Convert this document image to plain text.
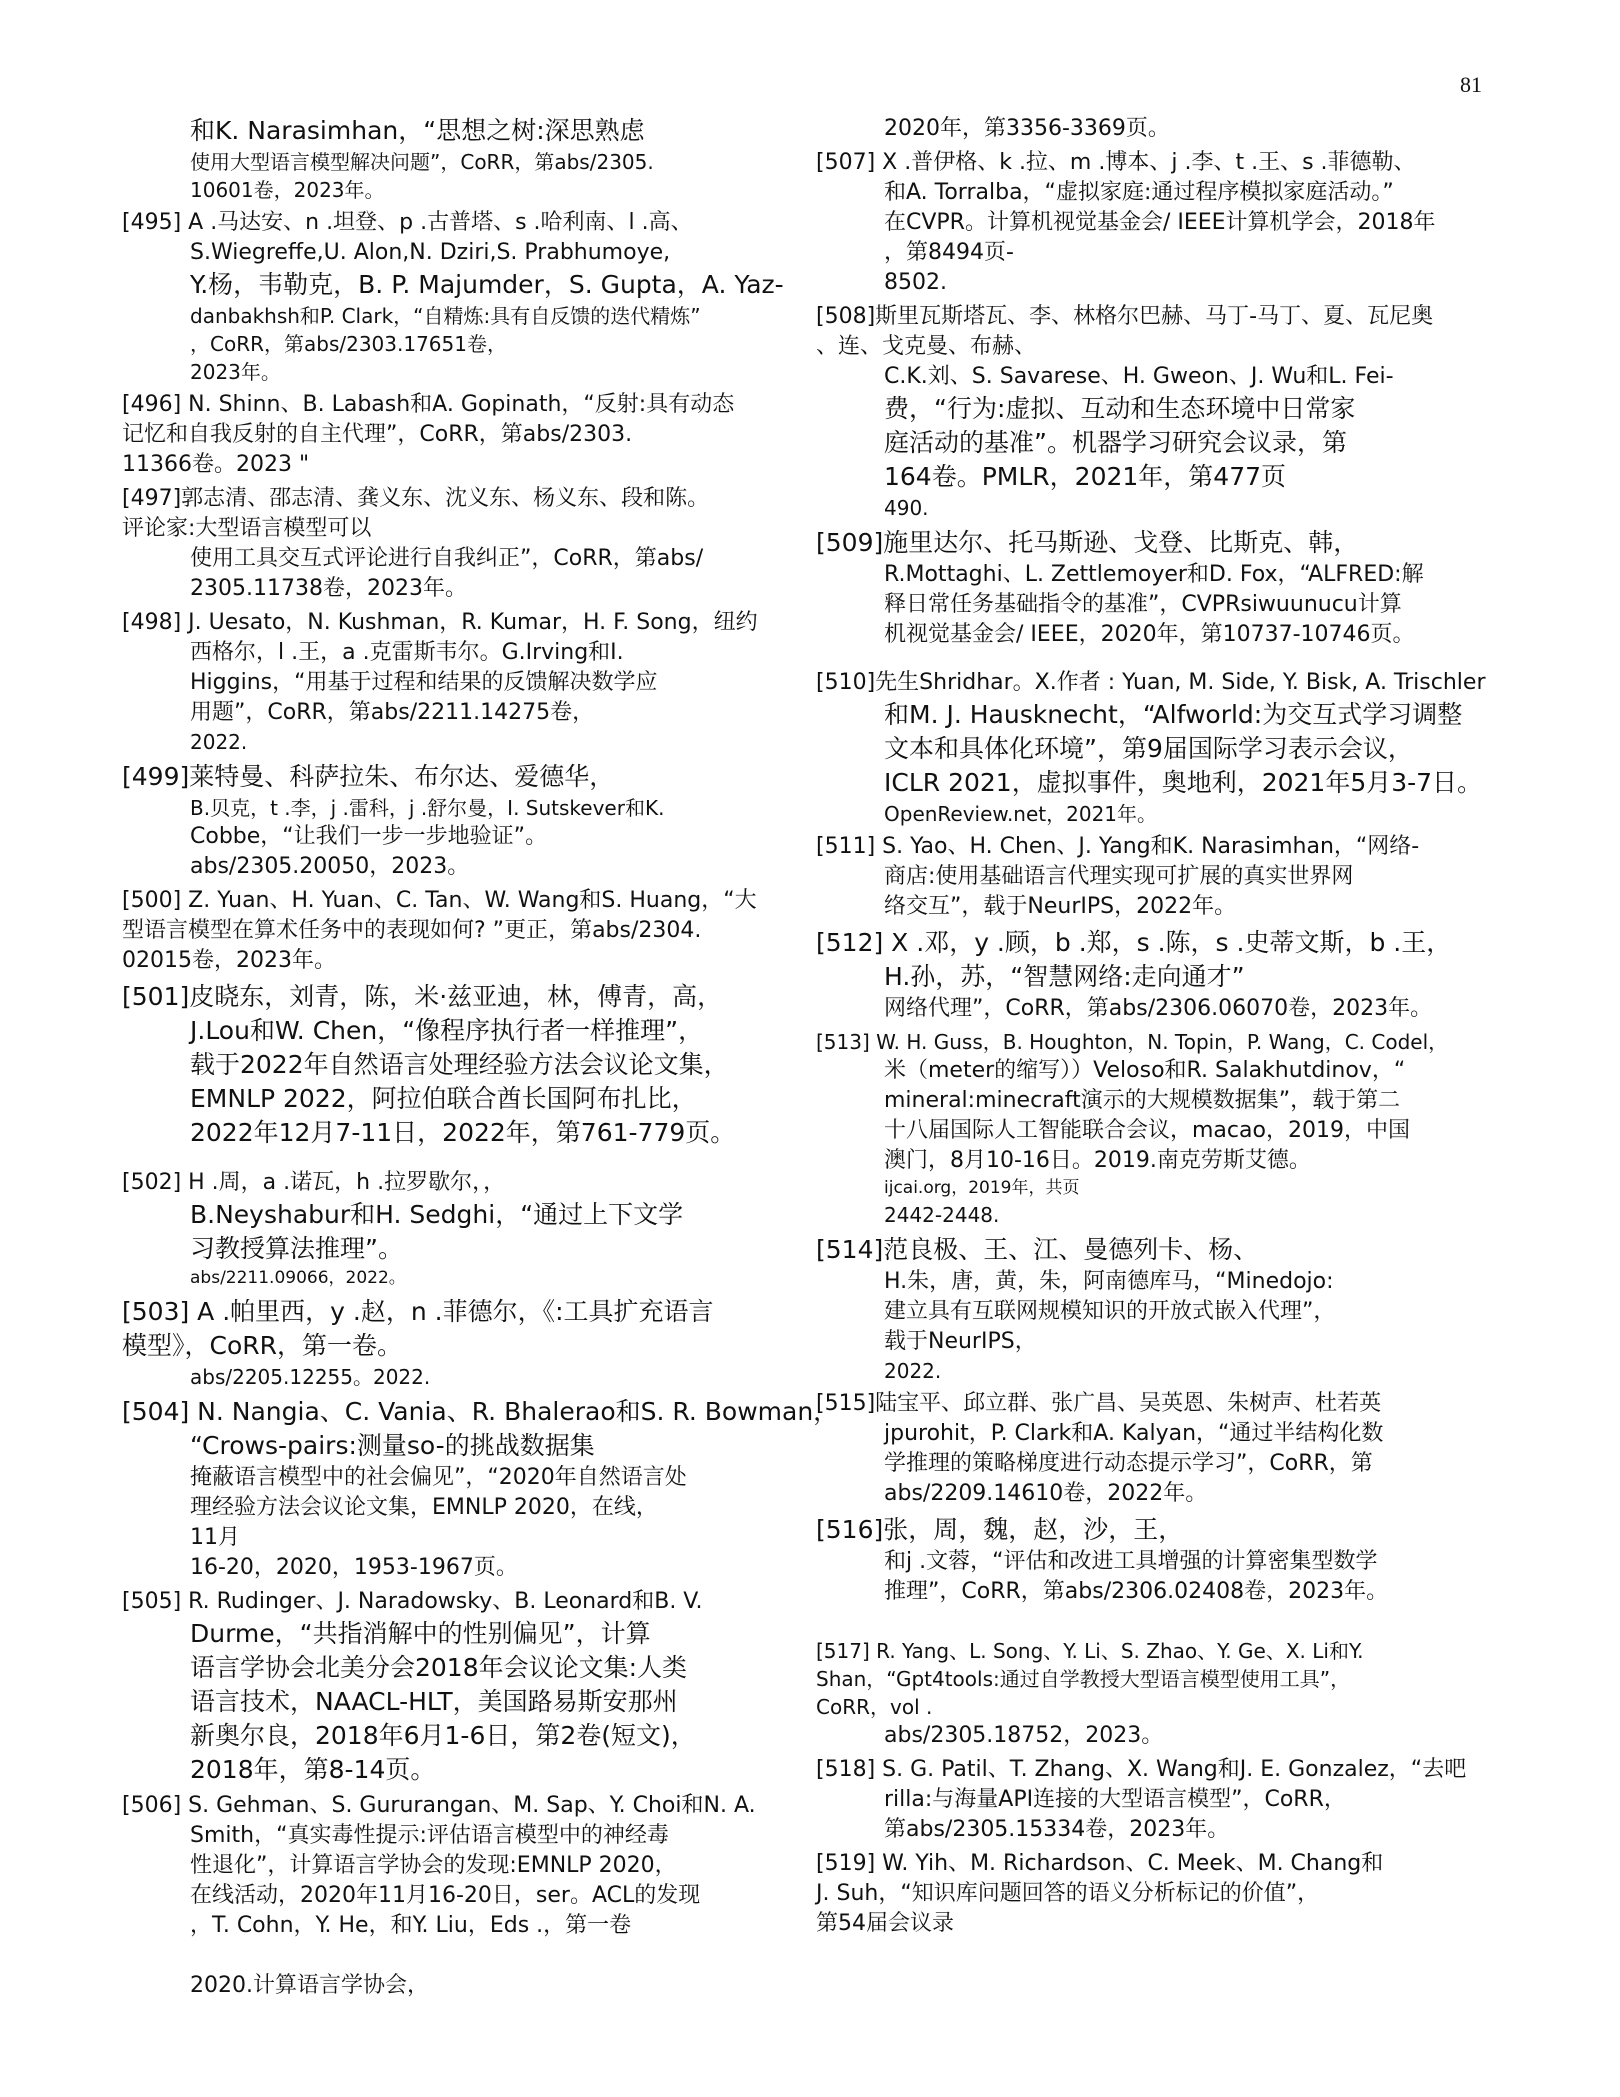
81
和K. Narasimhan，“思想之树:深思熟虑
使用大型语言模型解决问题”，CoRR，第abs/2305.
10601卷，2023年。
[495] A .马达安、n .坦登、p .古普塔、s .哈利南、l .高、
S.Wiegreffe,U. Alon,N. Dziri,S. Prabhumoye,
Y.杨，韦勒克，B. P. Majumder，S. Gupta，A. Yaz-
danbakhsh和P. Clark，“自精炼:具有自反馈的迭代精炼”
，CoRR，第abs/2303.17651卷，
2023年。
[496] N. Shinn、B. Labash和A. Gopinath，“反射:具有动态
记忆和自我反射的自主代理”，CoRR，第abs/2303.
11366卷。2023 "
[497]郭志清、邵志清、龚义东、沈义东、杨义东、段和陈。
评论家:大型语言模型可以
使用工具交互式评论进行自我纠正”，CoRR，第abs/
2305.11738卷，2023年。
[498] J. Uesato，N. Kushman，R. Kumar，H. F. Song，纽约
西格尔，l .王，a .克雷斯韦尔。G.Irving和I.
Higgins，“用基于过程和结果的反馈解决数学应
用题”，CoRR，第abs/2211.14275卷，
2022.
[499]莱特曼、科萨拉朱、布尔达、爱德华，
B.贝克，t .李，j .雷科，j .舒尔曼，I. Sutskever和K.
Cobbe，“让我们一步一步地验证”。
abs/2305.20050，2023。
[500] Z. Yuan、H. Yuan、C. Tan、W. Wang和S. Huang，“大
型语言模型在算术任务中的表现如何? ”更正，第abs/2304.
02015卷，2023年。
[501]皮晓东，刘青，陈，米·兹亚迪，林，傅青，高，
J.Lou和W. Chen，“像程序执行者一样推理”，
载于2022年自然语言处理经验方法会议论文集，
EMNLP 2022，阿拉伯联合酋长国阿布扎比，
2022年12月7-11日，2022年，第761-779页。
[502] H .周，a .诺瓦，h .拉罗歇尔，，
B.Neyshabur和H. Sedghi，“通过上下文学
习教授算法推理”。
abs/2211.09066，2022。
[503] A .帕里西，y .赵，n .菲德尔，《:工具扩充语言
模型》，CoRR，第一卷。
abs/2205.12255。2022.
[504] N. Nangia、C. Vania、R. Bhalerao和S. R. Bowman，
“Crows-pairs:测量so-的挑战数据集
掩蔽语言模型中的社会偏见”，“2020年自然语言处
理经验方法会议论文集，EMNLP 2020，在线，
11月
16-20，2020，1953-1967页。
[505] R. Rudinger、J. Naradowsky、B. Leonard和B. V.
Durme，“共指消解中的性别偏见”，计算
语言学协会北美分会2018年会议论文集:人类
语言技术，NAACL-HLT，美国路易斯安那州
新奥尔良，2018年6月1-6日，第2卷(短文)，
2018年，第8-14页。
[506] S. Gehman、S. Gururangan、M. Sap、Y. Choi和N. A.
Smith，“真实毒性提示:评估语言模型中的神经毒
性退化”，计算语言学协会的发现:EMNLP 2020，
在线活动，2020年11月16-20日，ser。ACL的发现
，T. Cohn，Y. He，和Y. Liu，Eds .，第一卷
2020.计算语言学协会，
2020年，第3356-3369页。
[507] X .普伊格、k .拉、m .博本、j .李、t .王、s .菲德勒、
和A. Torralba，“虚拟家庭:通过程序模拟家庭活动。”
在CVPR。计算机视觉基金会/ IEEE计算机学会，2018年
，第8494页-
8502.
[508]斯里瓦斯塔瓦、李、林格尔巴赫、马丁-马丁、夏、瓦尼奥
、连、戈克曼、布赫、
C.K.刘、S. Savarese、H. Gweon、J. Wu和L. Fei-
费，“行为:虚拟、互动和生态环境中日常家
庭活动的基准”。机器学习研究会议录，第
164卷。PMLR，2021年，第477页
490.
[509]施里达尔、托马斯逊、戈登、比斯克、韩，
R.Mottaghi、L. Zettlemoyer和D. Fox，“ALFRED:解
释日常任务基础指令的基准”，CVPRsiwuunucu计算
机视觉基金会/ IEEE，2020年，第10737-10746页。
[510]先生Shridhar。X.作者 : Yuan, M. Side, Y. Bisk, A. Trischler
和M. J. Hausknecht，“Alfworld:为交互式学习调整
文本和具体化环境”，第9届国际学习表示会议，
ICLR 2021，虚拟事件，奥地利，2021年5月3-7日。
OpenReview.net，2021年。
[511] S. Yao、H. Chen、J. Yang和K. Narasimhan，“网络-
商店:使用基础语言代理实现可扩展的真实世界网
络交互”，载于NeurIPS，2022年。
[512] X .邓，y .顾，b .郑，s .陈，s .史蒂文斯，b .王，
H.孙，苏，“智慧网络:走向通才”
网络代理”，CoRR，第abs/2306.06070卷，2023年。
[513] W. H. Guss，B. Houghton，N. Topin，P. Wang，C. Codel，
米（meter的缩写））Veloso和R. Salakhutdinov，“
mineral:minecraft演示的大规模数据集”，载于第二
十八届国际人工智能联合会议，macao，2019，中国
澳门，8月10-16日。2019.南克劳斯艾德。
ijcai.org，2019年，共页
2442-2448.
[514]范良极、王、江、曼德列卡、杨、
H.朱，唐，黄，朱，阿南德库马，“Minedojo:
建立具有互联网规模知识的开放式嵌入代理”，
载于NeurIPS，
2022.
[515]陆宝平、邱立群、张广昌、吴英恩、朱树声、杜若英
jpurohit，P. Clark和A. Kalyan，“通过半结构化数
学推理的策略梯度进行动态提示学习”，CoRR，第
abs/2209.14610卷，2022年。
[516]张，周，魏，赵，沙，王，
和j .文蓉，“评估和改进工具增强的计算密集型数学
推理”，CoRR，第abs/2306.02408卷，2023年。
[517] R. Yang、L. Song、Y. Li、S. Zhao、Y. Ge、X. Li和Y.
Shan，“Gpt4tools:通过自学教授大型语言模型使用工具”，
CoRR，vol .
abs/2305.18752，2023。
[518] S. G. Patil、T. Zhang、X. Wang和J. E. Gonzalez，“去吧
rilla:与海量API连接的大型语言模型”，CoRR，
第abs/2305.15334卷，2023年。
[519] W. Yih、M. Richardson、C. Meek、M. Chang和
J. Suh，“知识库问题回答的语义分析标记的价值”，
第54届会议录
